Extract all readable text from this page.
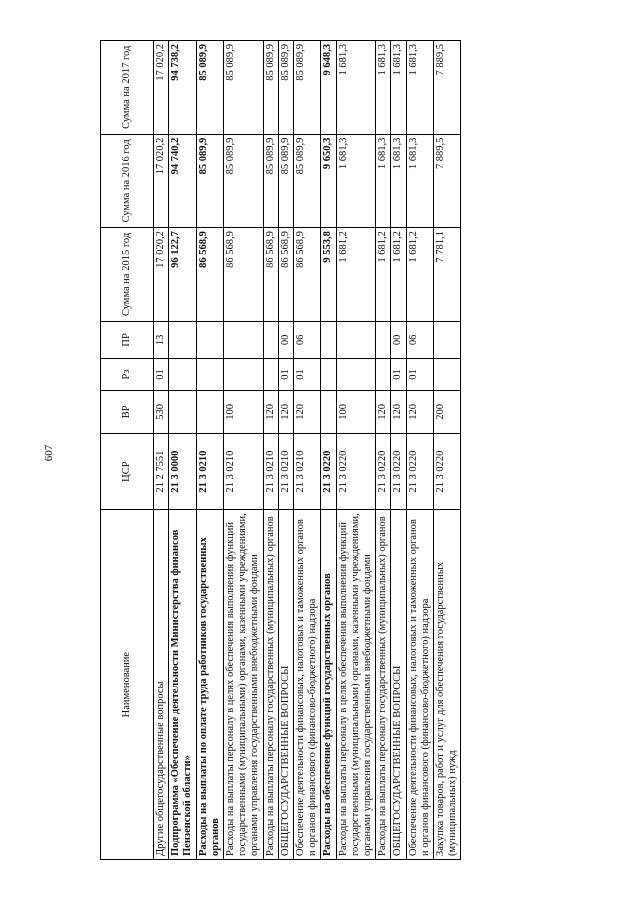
607
Наименование	ЦСР	ВР	Рз	ПР	Сумма на 2015 год	Сумма на 2016 год	Сумма на 2017 год
Другие общегосударственные вопросы	21 2 7551	530	01	13	17 020,2	17 020,2	17 020,2
Подпрограмма «Обеспечение деятельности Министерства финансов Пензенской области»	21 3 0000				96 122,7	94 740,2	94 738,2
Расходы на выплаты по оплате труда работников государственных органов	21 3 0210				86 568,9	85 089,9	85 089,9
Расходы на выплаты персоналу в целях обеспечения выполнения функций государственными (муниципальными) органами, казенными учреждениями, органами управления государственными внебюджетными фондами	21 3 0210	100			86 568,9	85 089,9	85 089,9
Расходы на выплаты персоналу государственных (муниципальных) органов	21 3 0210	120			86 568,9	85 089,9	85 089,9
ОБЩЕГОСУДАРСТВЕННЫЕ ВОПРОСЫ	21 3 0210	120	01	00	86 568,9	85 089,9	85 089,9
Обеспечение деятельности финансовых, налоговых и таможенных органов и органов финансового (финансово-бюджетного) надзора	21 3 0210	120	01	06	86 568,9	85 089,9	85 089,9
Расходы на обеспечение функций государственных органов	21 3 0220				9 553,8	9 650,3	9 648,3
Расходы на выплаты персоналу в целях обеспечения выполнения функций государственными (муниципальными) органами, казенными учреждениями, органами управления государственными внебюджетными фондами	21 3 0220	100			1 681,2	1 681,3	1 681,3
Расходы на выплаты персоналу государственных (муниципальных) органов	21 3 0220	120			1 681,2	1 681,3	1 681,3
ОБЩЕГОСУДАРСТВЕННЫЕ ВОПРОСЫ	21 3 0220	120	01	00	1 681,2	1 681,3	1 681,3
Обеспечение деятельности финансовых, налоговых и таможенных органов и органов финансового (финансово-бюджетного) надзора	21 3 0220	120	01	06	1 681,2	1 681,3	1 681,3
Закупка товаров, работ и услуг для обеспечения государственных (муниципальных) нужд	21 3 0220	200			7 781,1	7 889,5	7 889,5
